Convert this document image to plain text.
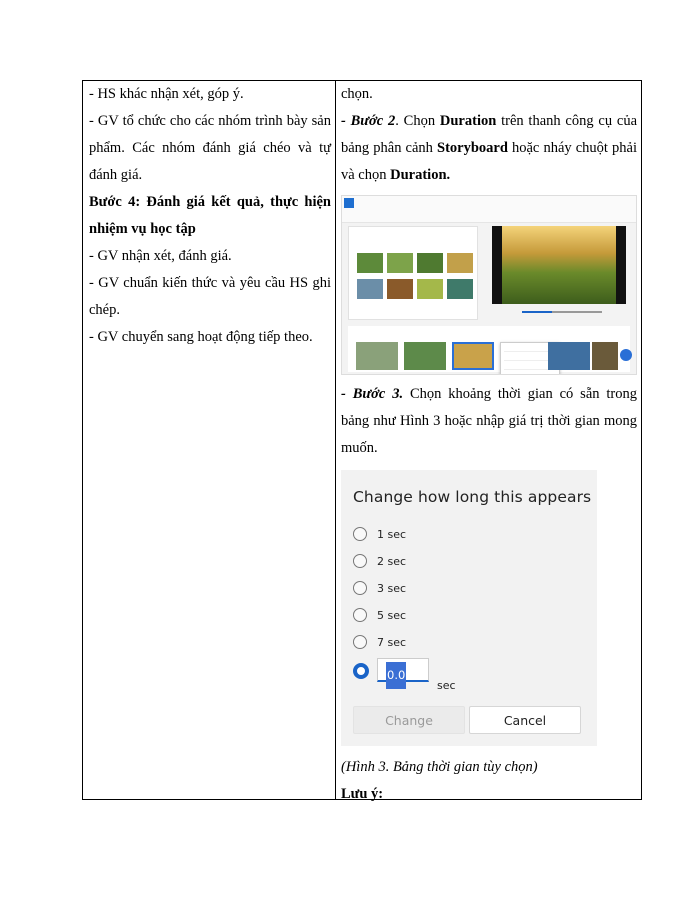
- HS khác nhận xét, góp ý.

- GV tổ chức cho các nhóm trình bày sản phẩm. Các nhóm đánh giá chéo và tự đánh giá.

Bước 4: Đánh giá kết quả, thực hiện nhiệm vụ học tập

- GV nhận xét, đánh giá.

- GV chuẩn kiến thức và yêu cầu HS ghi chép.

- GV chuyển sang hoạt động tiếp theo.

chọn.

- Bước 2. Chọn Duration trên thanh công cụ của bảng phân cảnh Storyboard hoặc nháy chuột phải và chọn Duration.

- Bước 3. Chọn khoảng thời gian có sẵn trong bảng như Hình 3 hoặc nhập giá trị thời gian mong muốn.

Change how long this appears
1 sec
2 sec
3 sec
5 sec
7 sec
0.0
sec
Change	Cancel

(Hình 3. Bảng thời gian tùy chọn)

Lưu ý:
